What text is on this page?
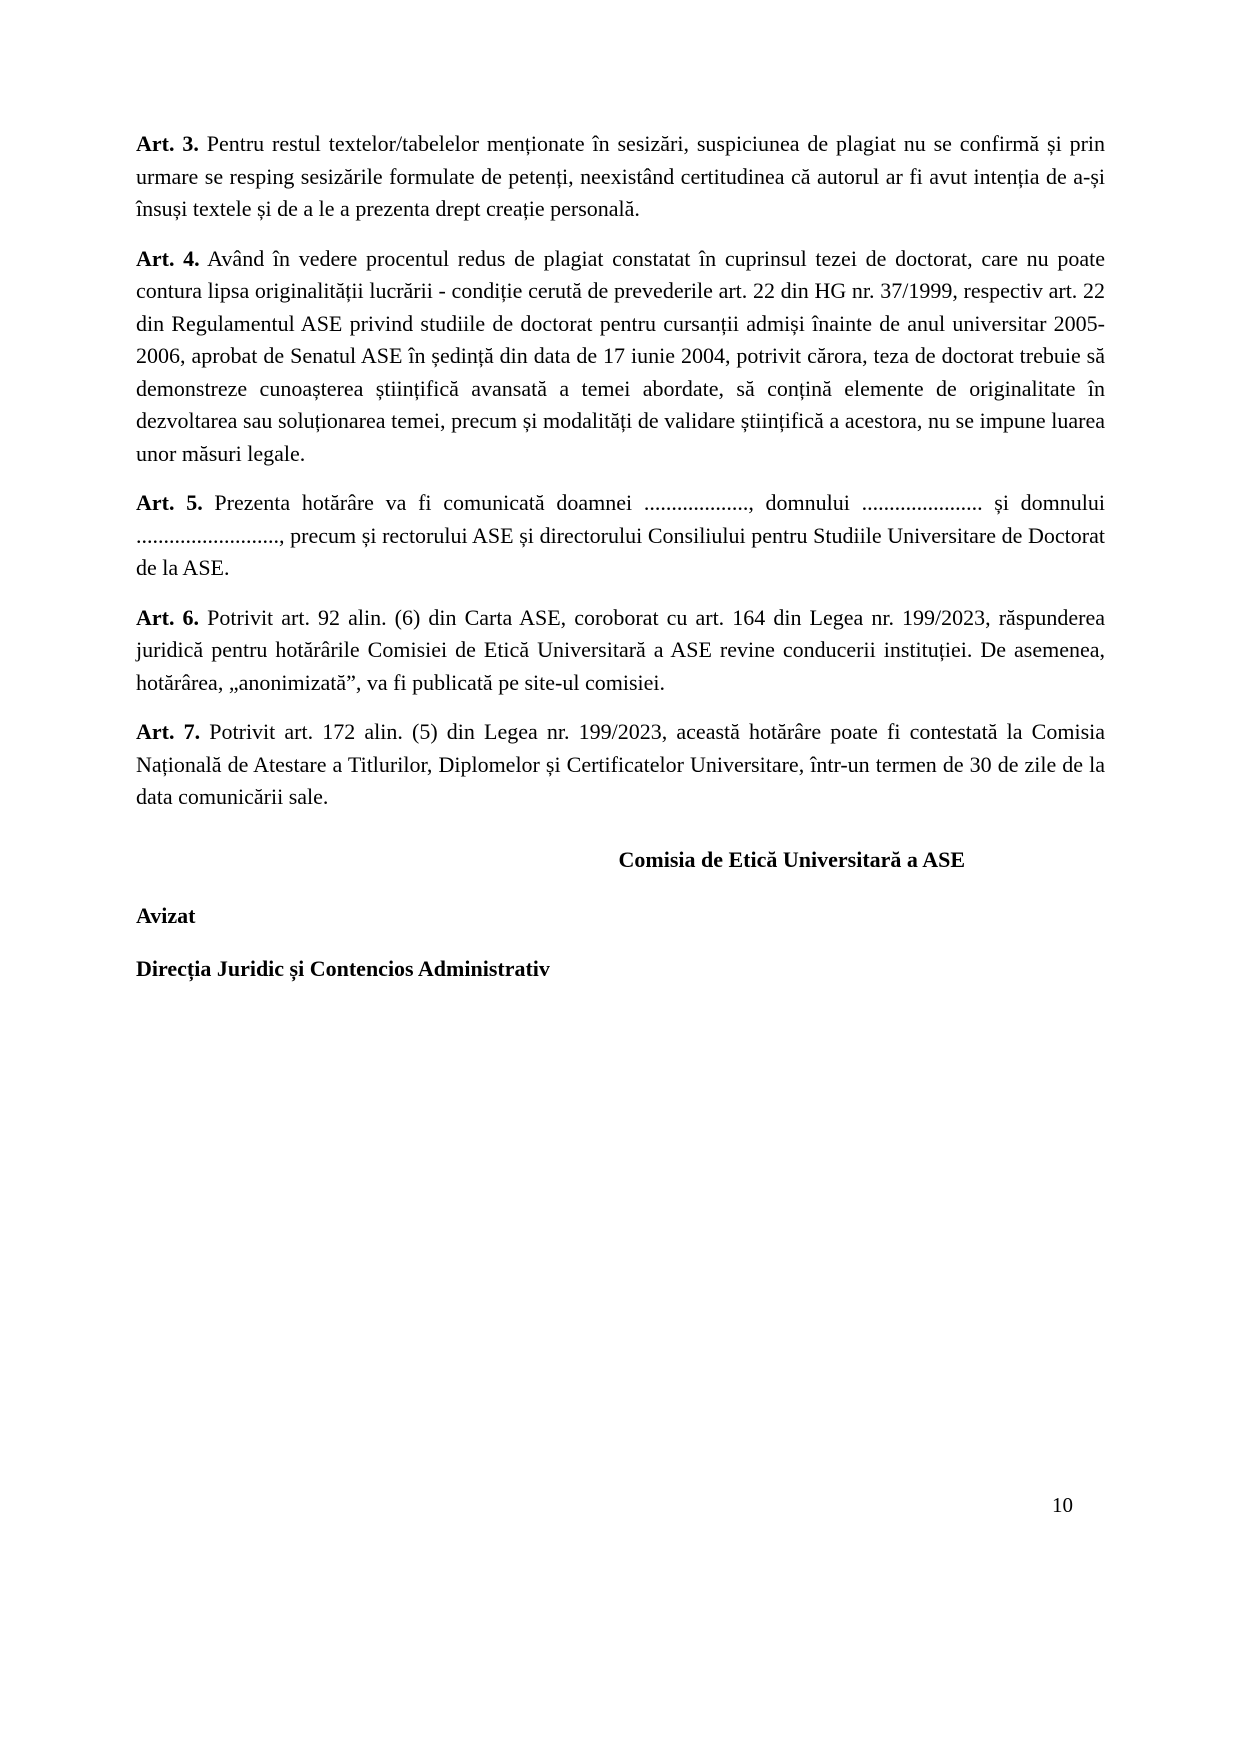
Art. 3. Pentru restul textelor/tabelelor menționate în sesizări, suspiciunea de plagiat nu se confirmă și prin urmare se resping sesizările formulate de petenți, neexistând certitudinea că autorul ar fi avut intenția de a-și însuși textele și de a le a prezenta drept creație personală.

Art. 4. Având în vedere procentul redus de plagiat constatat în cuprinsul tezei de doctorat, care nu poate contura lipsa originalității lucrării - condiție cerută de prevederile art. 22 din HG nr. 37/1999, respectiv art. 22 din Regulamentul ASE privind studiile de doctorat pentru cursanții admiși înainte de anul universitar 2005-2006, aprobat de Senatul ASE în ședință din data de 17 iunie 2004, potrivit cărora, teza de doctorat trebuie să demonstreze cunoașterea științifică avansată a temei abordate, să conțină elemente de originalitate în dezvoltarea sau soluționarea temei, precum și modalități de validare științifică a acestora, nu se impune luarea unor măsuri legale.

Art. 5. Prezenta hotărâre va fi comunicată doamnei ..................., domnului ...................... și domnului .........................., precum și rectorului ASE și directorului Consiliului pentru Studiile Universitare de Doctorat de la ASE.

Art. 6. Potrivit art. 92 alin. (6) din Carta ASE, coroborat cu art. 164 din Legea nr. 199/2023, răspunderea juridică pentru hotărârile Comisiei de Etică Universitară a ASE revine conducerii instituției. De asemenea, hotărârea, „anonimizată”, va fi publicată pe site-ul comisiei.

Art. 7. Potrivit art. 172 alin. (5) din Legea nr. 199/2023, această hotărâre poate fi contestată la Comisia Națională de Atestare a Titlurilor, Diplomelor și Certificatelor Universitare, într-un termen de 30 de zile de la data comunicării sale.

Comisia de Etică Universitară a ASE

Avizat

Direcția Juridic și Contencios Administrativ

10
